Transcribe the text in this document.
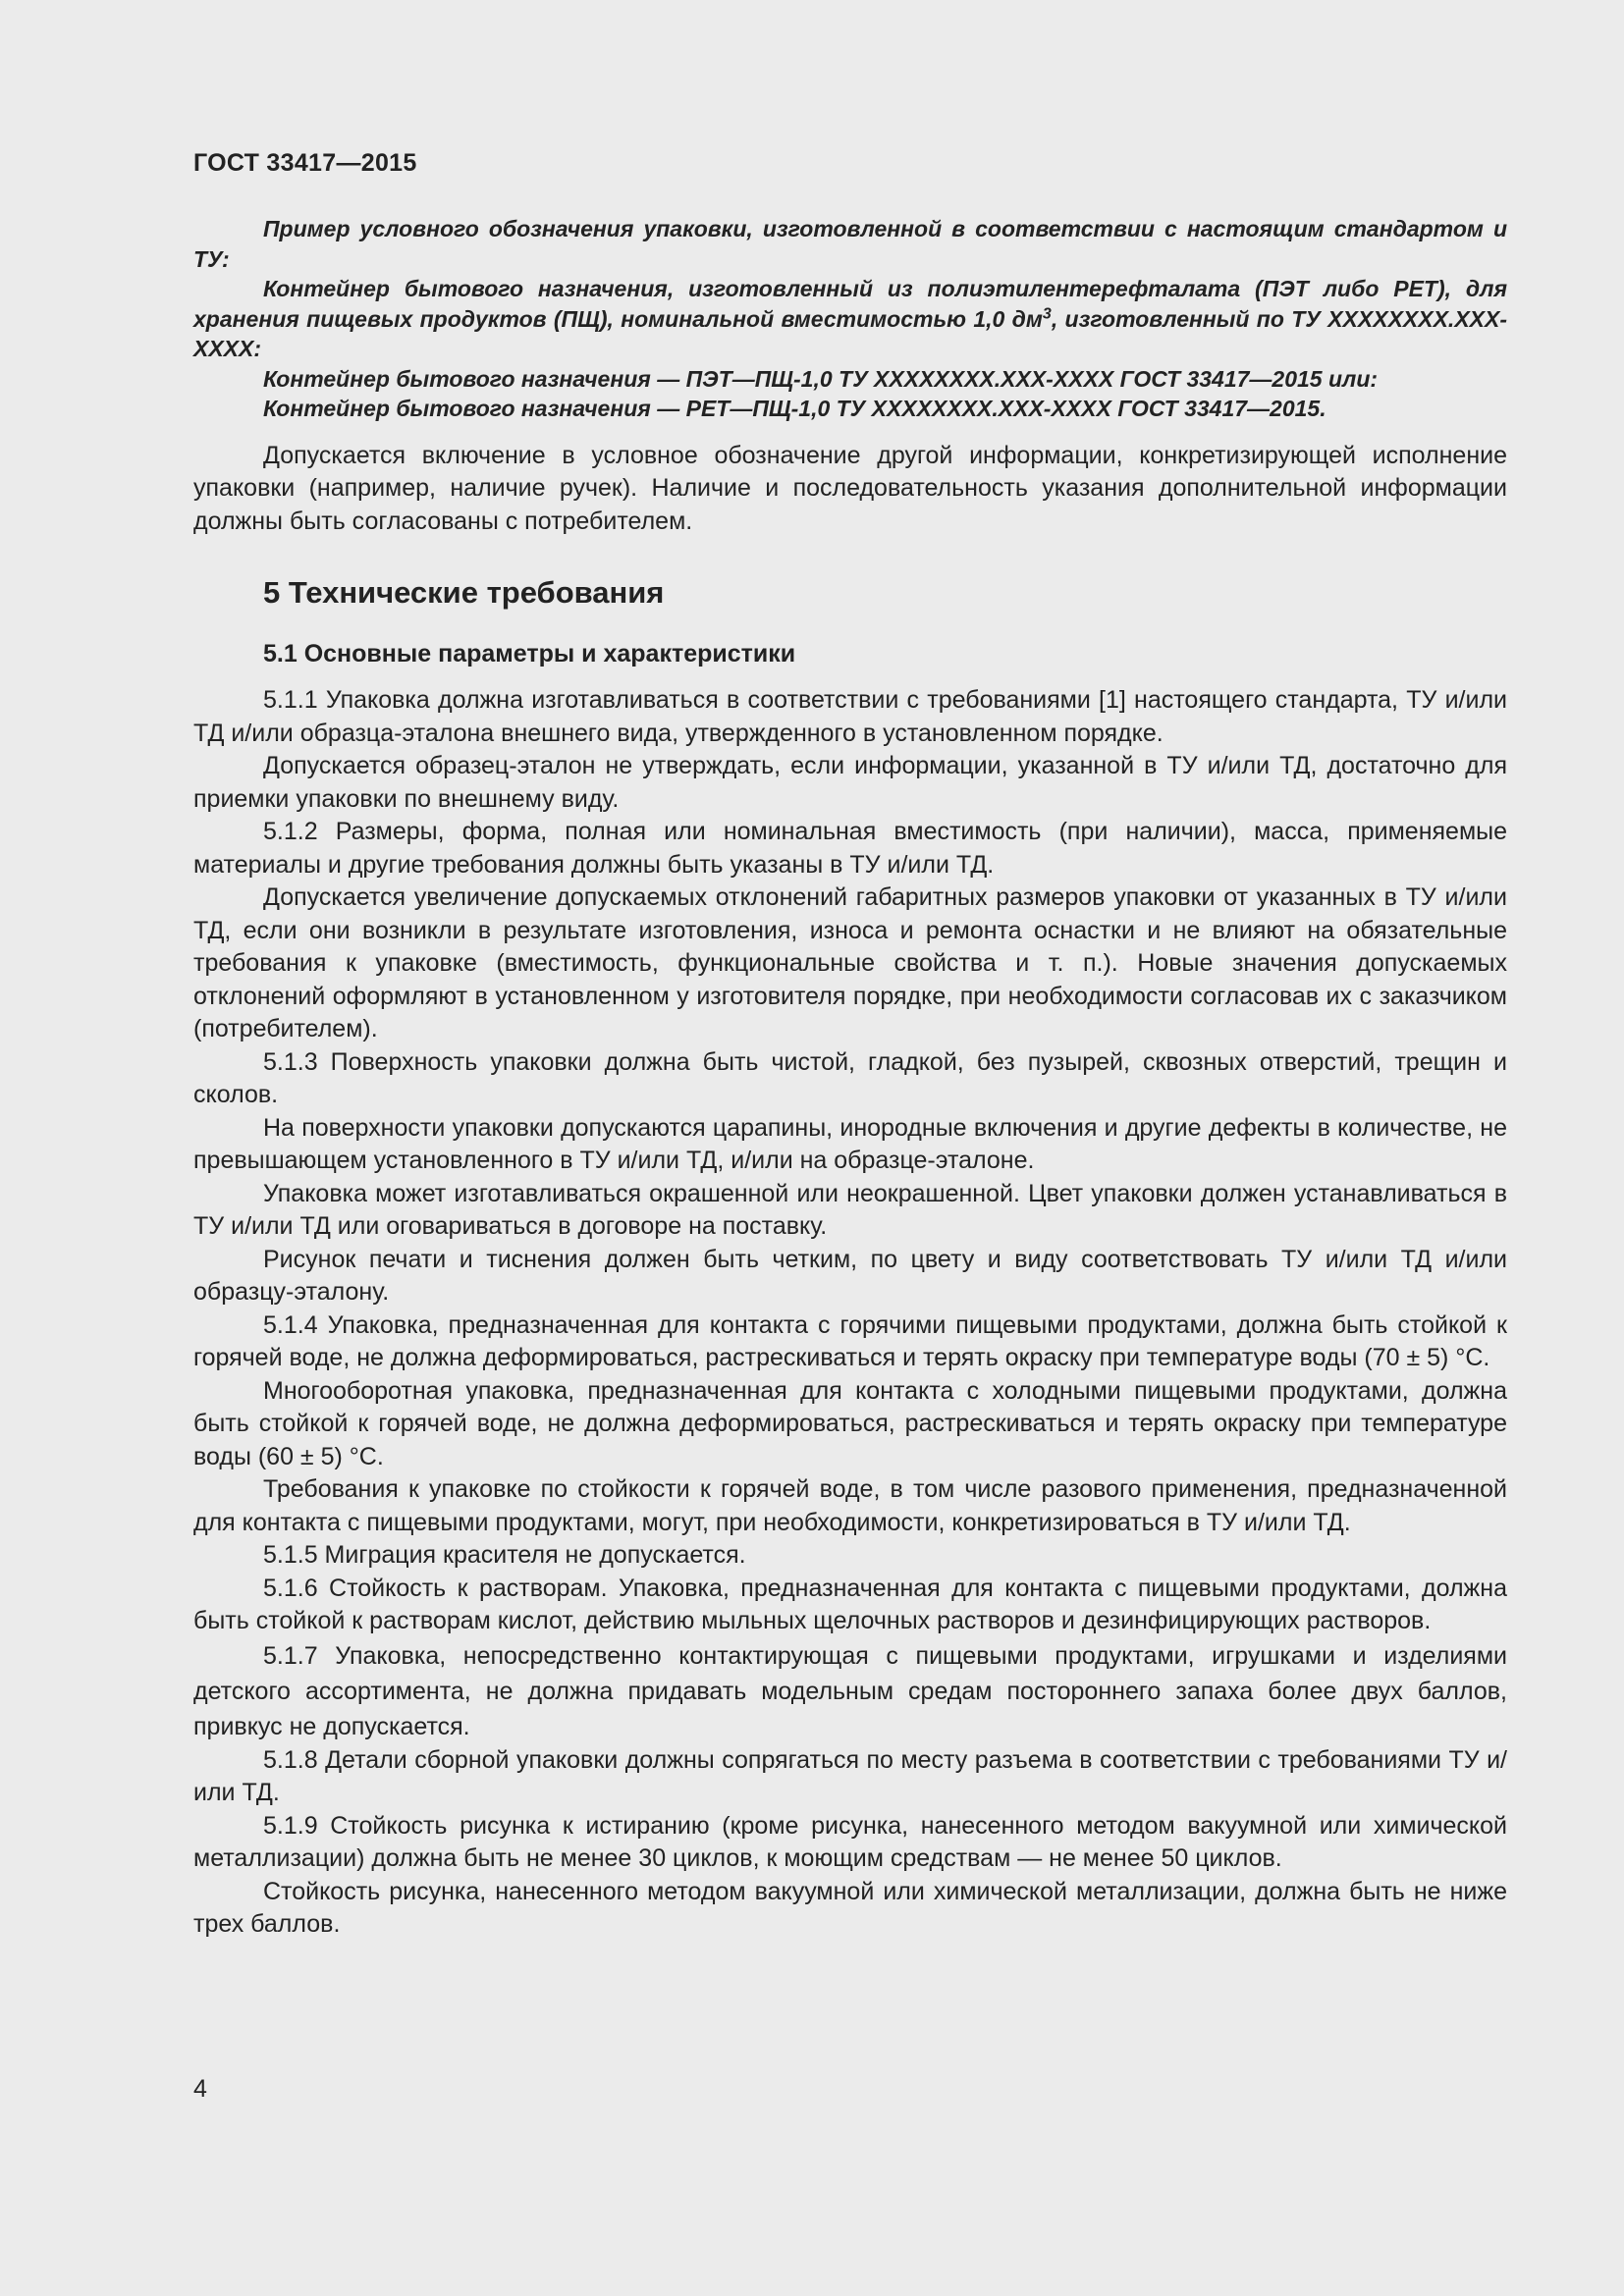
ГОСТ 33417—2015

Пример условного обозначения упаковки, изготовленной в соответствии с настоящим стандартом и ТУ:

Контейнер бытового назначения, изготовленный из полиэтилентерефталата (ПЭТ либо PET), для хранения пищевых продуктов (ПЩ), номинальной вместимостью 1,0 $дм^3$, изготовленный по ТУ XXXXXXXX.XXX-XXXX:

Контейнер бытового назначения — ПЭТ—ПЩ-1,0 ТУ XXXXXXXX.XXX-XXXX ГОСТ 33417—2015 или:

Контейнер бытового назначения — PET—ПЩ-1,0 ТУ XXXXXXXX.XXX-XXXX ГОСТ 33417—2015.

Допускается включение в условное обозначение другой информации, конкретизирующей исполнение упаковки (например, наличие ручек). Наличие и последовательность указания дополнительной информации должны быть согласованы с потребителем.

5 Технические требования
5.1 Основные параметры и характеристики

5.1.1 Упаковка должна изготавливаться в соответствии с требованиями [1] настоящего стандарта, ТУ и/или ТД и/или образца-эталона внешнего вида, утвержденного в установленном порядке.

Допускается образец-эталон не утверждать, если информации, указанной в ТУ и/или ТД, достаточно для приемки упаковки по внешнему виду.

5.1.2 Размеры, форма, полная или номинальная вместимость (при наличии), масса, применяемые материалы и другие требования должны быть указаны в ТУ и/или ТД.

Допускается увеличение допускаемых отклонений габаритных размеров упаковки от указанных в ТУ и/или ТД, если они возникли в результате изготовления, износа и ремонта оснастки и не влияют на обязательные требования к упаковке (вместимость, функциональные свойства и т. п.). Новые значения допускаемых отклонений оформляют в установленном у изготовителя порядке, при необходимости согласовав их с заказчиком (потребителем).

5.1.3 Поверхность упаковки должна быть чистой, гладкой, без пузырей, сквозных отверстий, трещин и сколов.

На поверхности упаковки допускаются царапины, инородные включения и другие дефекты в количестве, не превышающем установленного в ТУ и/или ТД, и/или на образце-эталоне.

Упаковка может изготавливаться окрашенной или неокрашенной. Цвет упаковки должен устанавливаться в ТУ и/или ТД или оговариваться в договоре на поставку.

Рисунок печати и тиснения должен быть четким, по цвету и виду соответствовать ТУ и/или ТД и/или образцу-эталону.

5.1.4 Упаковка, предназначенная для контакта с горячими пищевыми продуктами, должна быть стойкой к горячей воде, не должна деформироваться, растрескиваться и терять окраску при температуре воды (70 ± 5) °С.

Многооборотная упаковка, предназначенная для контакта с холодными пищевыми продуктами, должна быть стойкой к горячей воде, не должна деформироваться, растрескиваться и терять окраску при температуре воды (60 ± 5) °С.

Требования к упаковке по стойкости к горячей воде, в том числе разового применения, предназначенной для контакта с пищевыми продуктами, могут, при необходимости, конкретизироваться в ТУ и/или ТД.

5.1.5 Миграция красителя не допускается.

5.1.6 Стойкость к растворам. Упаковка, предназначенная для контакта с пищевыми продуктами, должна быть стойкой к растворам кислот, действию мыльных щелочных растворов и дезинфицирующих растворов.

5.1.7 Упаковка, непосредственно контактирующая с пищевыми продуктами, игрушками и изделиями детского ассортимента, не должна придавать модельным средам постороннего запаха более двух баллов, привкус не допускается.

5.1.8 Детали сборной упаковки должны сопрягаться по месту разъема в соответствии с требованиями ТУ и/или ТД.

5.1.9 Стойкость рисунка к истиранию (кроме рисунка, нанесенного методом вакуумной или химической металлизации) должна быть не менее 30 циклов, к моющим средствам — не менее 50 циклов.

Стойкость рисунка, нанесенного методом вакуумной или химической металлизации, должна быть не ниже трех баллов.

4
